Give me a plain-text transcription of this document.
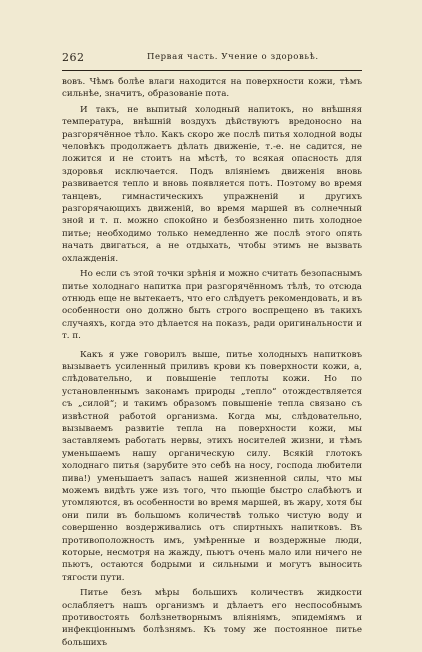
262	Первая часть. Учение о здоровьѣ.

вовъ. Чѣмъ болѣе влаги находится на поверхности кожи, тѣмъ сильнѣе, значитъ, образованіе пота.

И такъ, не выпитый холодный напитокъ, но внѣшняя температура, внѣшній воздухъ дѣйствуютъ вредоносно на разгорячённое тѣло. Какъ скоро же послѣ питья холодной воды человѣкъ продолжаетъ дѣлать движеніе, т.-е. не садится, не ложится и не стоитъ на мѣстѣ, то всякая опасность для здоровья исключается. Подъ вліяніемъ движенія вновь развивается тепло и вновь появляется потъ. Поэтому во время танцевъ, гимнастическихъ упражненій и другихъ разгорячающихъ движеній, во время маршей въ солнечный зной и т. п. можно спокойно и безбоязненно пить холодное питье; необходимо только немедленно же послѣ этого опять начать двигаться, а не отдыхать, чтобы этимъ не вызвать охлажденія.

Но если съ этой точки зрѣнія и можно считать безопаснымъ питье холоднаго напитка при разгорячённомъ тѣлѣ, то отсюда отнюдь еще не вытекаетъ, что его слѣдуетъ рекомендовать, и въ особенности оно должно быть строго воспрещено въ такихъ случаяхъ, когда это дѣлается на показъ, ради оригинальности и т. п.

Какъ я уже говорилъ выше, питье холодныхъ напитковъ вызываетъ усиленный приливъ крови къ поверхности кожи, а, слѣдовательно, и повышеніе теплоты кожи. Но по установленнымъ законамъ природы „тепло“ отождествляется съ „силой“; и такимъ образомъ повышеніе тепла связано съ извѣстной работой организма. Когда мы, слѣдовательно, вызываемъ развитіе тепла на поверхности кожи, мы заставляемъ работать нервы, этихъ носителей жизни, и тѣмъ уменьшаемъ нашу органическую силу. Всякій глотокъ холоднаго питья (зарубите это себѣ на носу, господа любители пива!) уменьшаетъ запасъ нашей жизненной силы, что мы можемъ видѣть уже изъ того, что пьющіе быстро слабѣютъ и утомляются, въ особенности во время маршей, въ жару, хотя бы они пили въ большомъ количествѣ только чистую воду и совершенно воздерживались отъ спиртныхъ напитковъ. Въ противоположность имъ, умѣренные и воздержные люди, которые, несмотря на жажду, пьютъ очень мало или ничего не пьютъ, остаются бодрыми и сильными и могутъ выносить тягости пути.

Питье безъ мѣры большихъ количествъ жидкости ослабляетъ нашъ организмъ и дѣлаетъ его неспособнымъ противостоять болѣзнетворнымъ вліяніямъ, эпидеміямъ и инфекціоннымъ болѣзнямъ. Къ тому же постоянное питье большихъ
